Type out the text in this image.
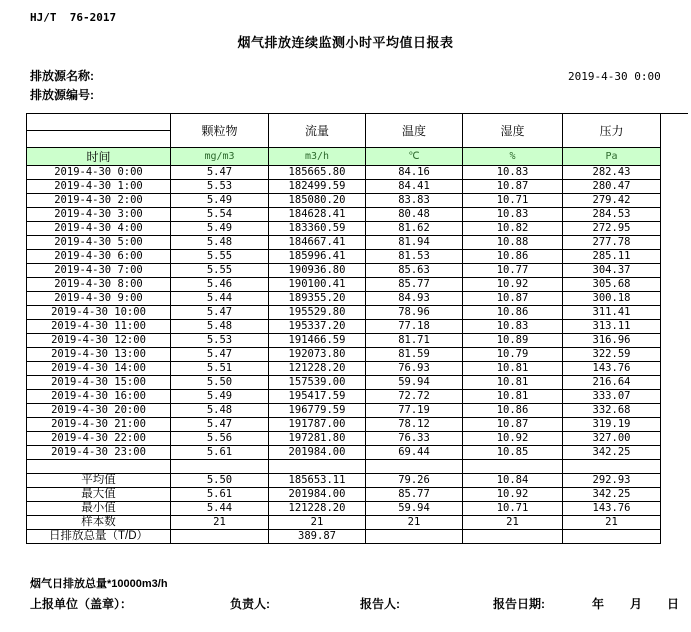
HJ/T  76-2017
烟气排放连续监测小时平均值日报表
排放源名称:	2019-4-30 0:00
排放源编号:
	颗粒物	流量	温度	湿度	压力

时间	mg/m3	m3/h	℃	%	Pa
2019-4-30 0:00	5.47	185665.80	84.16	10.83	282.43
2019-4-30 1:00	5.53	182499.59	84.41	10.87	280.47
2019-4-30 2:00	5.49	185080.20	83.83	10.71	279.42
2019-4-30 3:00	5.54	184628.41	80.48	10.83	284.53
2019-4-30 4:00	5.49	183360.59	81.62	10.82	272.95
2019-4-30 5:00	5.48	184667.41	81.94	10.88	277.78
2019-4-30 6:00	5.55	185996.41	81.53	10.86	285.11
2019-4-30 7:00	5.55	190936.80	85.63	10.77	304.37
2019-4-30 8:00	5.46	190100.41	85.77	10.92	305.68
2019-4-30 9:00	5.44	189355.20	84.93	10.87	300.18
2019-4-30 10:00	5.47	195529.80	78.96	10.86	311.41
2019-4-30 11:00	5.48	195337.20	77.18	10.83	313.11
2019-4-30 12:00	5.53	191466.59	81.71	10.89	316.96
2019-4-30 13:00	5.47	192073.80	81.59	10.79	322.59
2019-4-30 14:00	5.51	121228.20	76.93	10.81	143.76
2019-4-30 15:00	5.50	157539.00	59.94	10.81	216.64
2019-4-30 16:00	5.49	195417.59	72.72	10.81	333.07
2019-4-30 20:00	5.48	196779.59	77.19	10.86	332.68
2019-4-30 21:00	5.47	191787.00	78.12	10.87	319.19
2019-4-30 22:00	5.56	197281.80	76.33	10.92	327.00
2019-4-30 23:00	5.61	201984.00	69.44	10.85	342.25

平均值	5.50	185653.11	79.26	10.84	292.93
最大值	5.61	201984.00	85.77	10.92	342.25
最小值	5.44	121228.20	59.94	10.71	143.76
样本数	21	21	21	21	21
日排放总量（T/D）		389.87			
烟气日排放总量*10000m3/h
上报单位（盖章）：	负责人:	报告人:	报告日期:	年 月 日
